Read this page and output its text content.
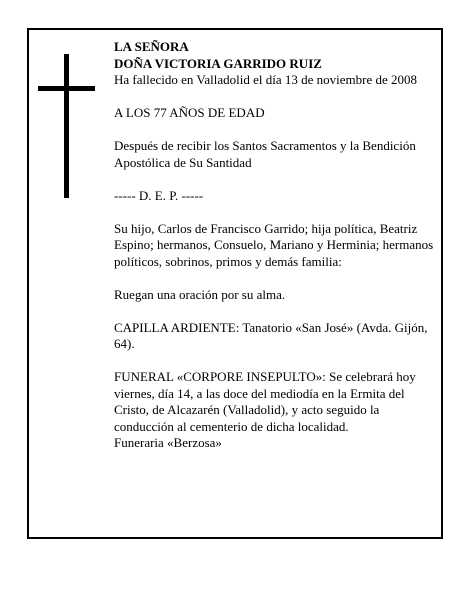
LA SEÑORA

DOÑA VICTORIA GARRIDO RUIZ

Ha fallecido en Valladolid el día 13 de noviembre de 2008

A LOS 77 AÑOS DE EDAD

Después de recibir los Santos Sacramentos y la Bendición Apostólica de Su Santidad

----- D. E. P. -----

Su hijo, Carlos de Francisco Garrido; hija política, Beatriz Espino; hermanos, Consuelo, Mariano y Herminia; hermanos políticos, sobrinos, primos y demás familia:

Ruegan una oración por su alma.

CAPILLA ARDIENTE: Tanatorio «San José» (Avda. Gijón, 64).

FUNERAL «CORPORE INSEPULTO»: Se celebrará hoy viernes, día 14, a las doce del mediodía en la Ermita del Cristo, de Alcazarén (Valladolid), y acto seguido la conducción al cementerio de dicha localidad.

Funeraria «Berzosa»
